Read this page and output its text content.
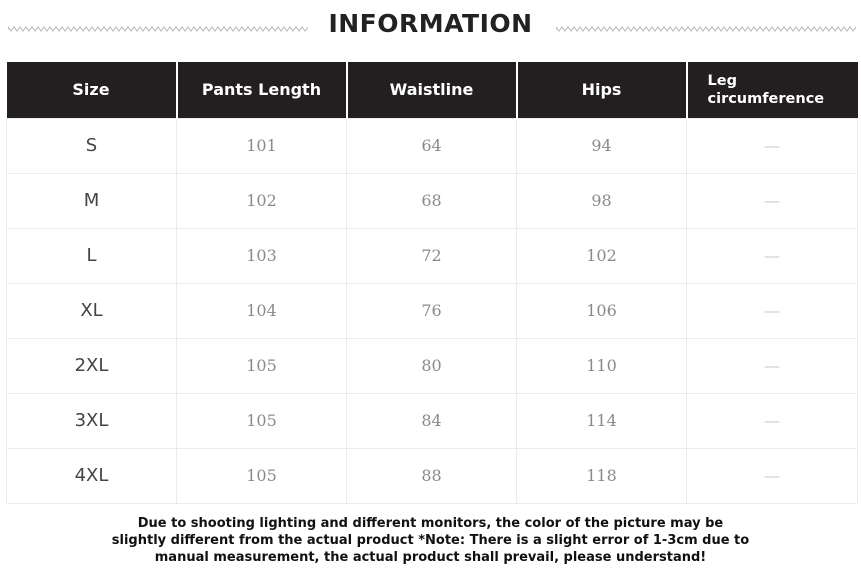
INFORMATION
Size	Pants Length	Waistline	Hips	Leg circumference
S	101	64	94	—
M	102	68	98	—
L	103	72	102	—
XL	104	76	106	—
2XL	105	80	110	—
3XL	105	84	114	—
4XL	105	88	118	—
Due to shooting lighting and different monitors, the color of the picture may be
slightly different from the actual product *Note: There is a slight error of 1-3cm due to
manual measurement, the actual product shall prevail, please understand!
